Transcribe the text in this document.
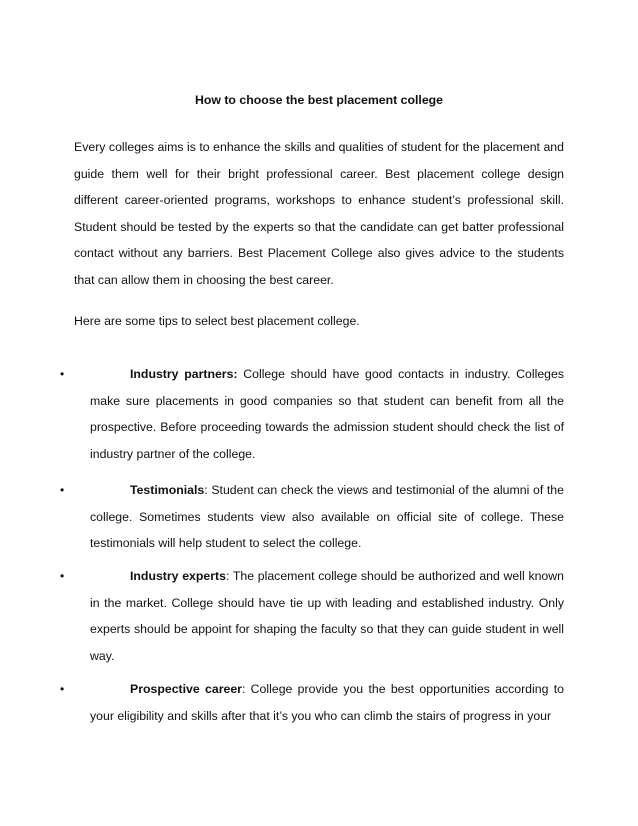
How to choose the best placement college

Every colleges aims is to enhance the skills and qualities of student for the placement and guide them well for their bright professional career. Best placement college design different career-oriented programs, workshops to enhance student’s professional skill. Student should be tested by the experts so that the candidate can get batter professional contact without any barriers. Best Placement College also gives advice to the students that can allow them in choosing the best career.

Here are some tips to select best placement college.

•	Industry partners: College should have good contacts in industry. Colleges make sure placements in good companies so that student can benefit from all the prospective. Before proceeding towards the admission student should check the list of industry partner of the college.
•	Testimonials: Student can check the views and testimonial of the alumni of the college. Sometimes students view also available on official site of college. These testimonials will help student to select the college.
•	Industry experts: The placement college should be authorized and well known in the market. College should have tie up with leading and established industry. Only experts should be appoint for shaping the faculty so that they can guide student in well way.
•	Prospective career: College provide you the best opportunities according to your eligibility and skills after that it’s you who can climb the stairs of progress in your
